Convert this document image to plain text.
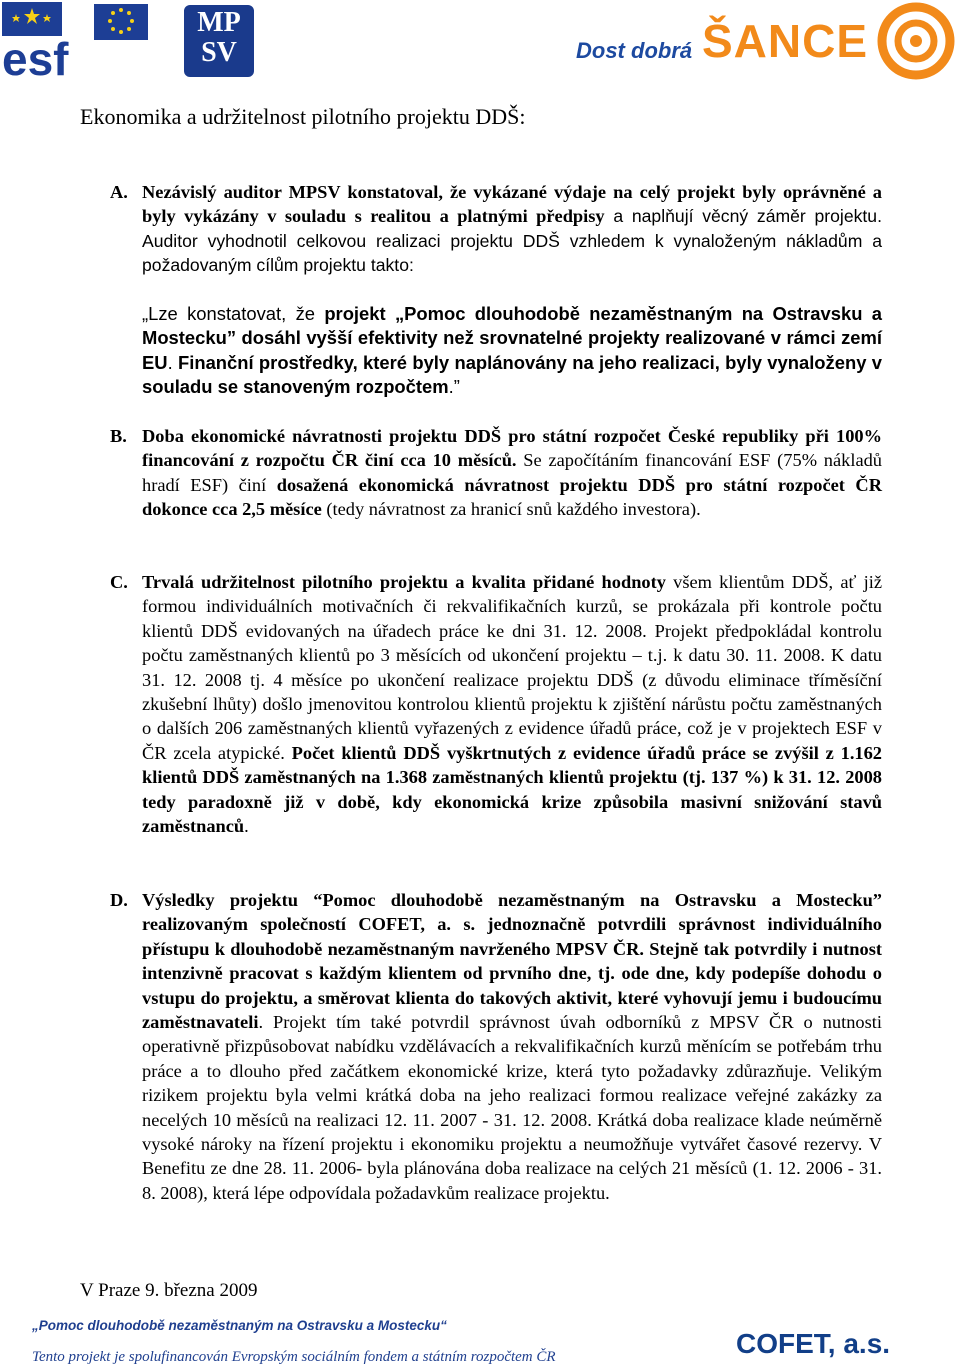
esf
MP
SV	Dost dobrá ŠANCE
Ekonomika a udržitelnost pilotního projektu DDŠ:
A. Nezávislý auditor MPSV konstatoval, že vykázané výdaje na celý projekt byly oprávněné a byly vykázány v souladu s realitou a platnými předpisy a naplňují věcný záměr projektu. Auditor vyhodnotil celkovou realizaci projektu DDŠ vzhledem k vynaloženým nákladům a požadovaným cílům projektu takto:
„Lze konstatovat, že projekt „Pomoc dlouhodobě nezaměstnaným na Ostravsku a Mostecku” dosáhl vyšší efektivity než srovnatelné projekty realizované v rámci zemí EU. Finanční prostředky, které byly naplánovány na jeho realizaci, byly vynaloženy v souladu se stanoveným rozpočtem.”
B. Doba ekonomické návratnosti projektu DDŠ pro státní rozpočet České republiky při 100% financování z rozpočtu ČR činí cca 10 měsíců. Se započítáním financování ESF (75% nákladů hradí ESF) činí dosažená ekonomická návratnost projektu DDŠ pro státní rozpočet ČR dokonce cca 2,5 měsíce (tedy návratnost za hranicí snů každého investora).
C. Trvalá udržitelnost pilotního projektu a kvalita přidané hodnoty všem klientům DDŠ, ať již formou individuálních motivačních či rekvalifikačních kurzů, se prokázala při kontrole počtu klientů DDŠ evidovaných na úřadech práce ke dni 31. 12. 2008. Projekt předpokládal kontrolu počtu zaměstnaných klientů po 3 měsících od ukončení projektu – t.j. k datu 30. 11. 2008. K datu 31. 12. 2008 tj. 4 měsíce po ukončení realizace projektu DDŠ (z důvodu eliminace tříměsíční zkušební lhůty) došlo jmenovitou kontrolou klientů projektu k zjištění nárůstu počtu zaměstnaných o dalších 206 zaměstnaných klientů vyřazených z evidence úřadů práce, což je v projektech ESF v ČR zcela atypické. Počet klientů DDŠ vyškrtnutých z evidence úřadů práce se zvýšil z 1.162 klientů DDŠ zaměstnaných na 1.368 zaměstnaných klientů projektu (tj. 137 %) k 31. 12. 2008 tedy paradoxně již v době, kdy ekonomická krize způsobila masivní snižování stavů zaměstnanců.
D. Výsledky projektu “Pomoc dlouhodobě nezaměstnaným na Ostravsku a Mostecku” realizovaným společností COFET, a. s. jednoznačně potvrdili správnost individuálního přístupu k dlouhodobě nezaměstnaným navrženého MPSV ČR. Stejně tak potvrdily i nutnost intenzivně pracovat s každým klientem od prvního dne, tj. ode dne, kdy podepíše dohodu o vstupu do projektu, a směrovat klienta do takových aktivit, které vyhovují jemu i budoucímu zaměstnavateli. Projekt tím také potvrdil správnost úvah odborníků z MPSV ČR o nutnosti operativně přizpůsobovat nabídku vzdělávacích a rekvalifikačních kurzů měnícím se potřebám trhu práce a to dlouho před začátkem ekonomické krize, která tyto požadavky zdůrazňuje. Velikým rizikem projektu byla velmi krátká doba na jeho realizaci formou realizace veřejné zakázky za necelých 10 měsíců na realizaci 12. 11. 2007 - 31. 12. 2008. Krátká doba realizace klade neúměrně vysoké nároky na řízení projektu i ekonomiku projektu a neumožňuje vytvářet časové rezervy. V Benefitu ze dne 28. 11. 2006- byla plánována doba realizace na celých 21 měsíců (1. 12. 2006 - 31. 8. 2008), která lépe odpovídala požadavkům realizace projektu.
V Praze 9. března 2009
„Pomoc dlouhodobě nezaměstnaným na Ostravsku a Mostecku“
Tento projekt je spolufinancován Evropským sociálním fondem a státním rozpočtem ČR	COFET, a.s.
